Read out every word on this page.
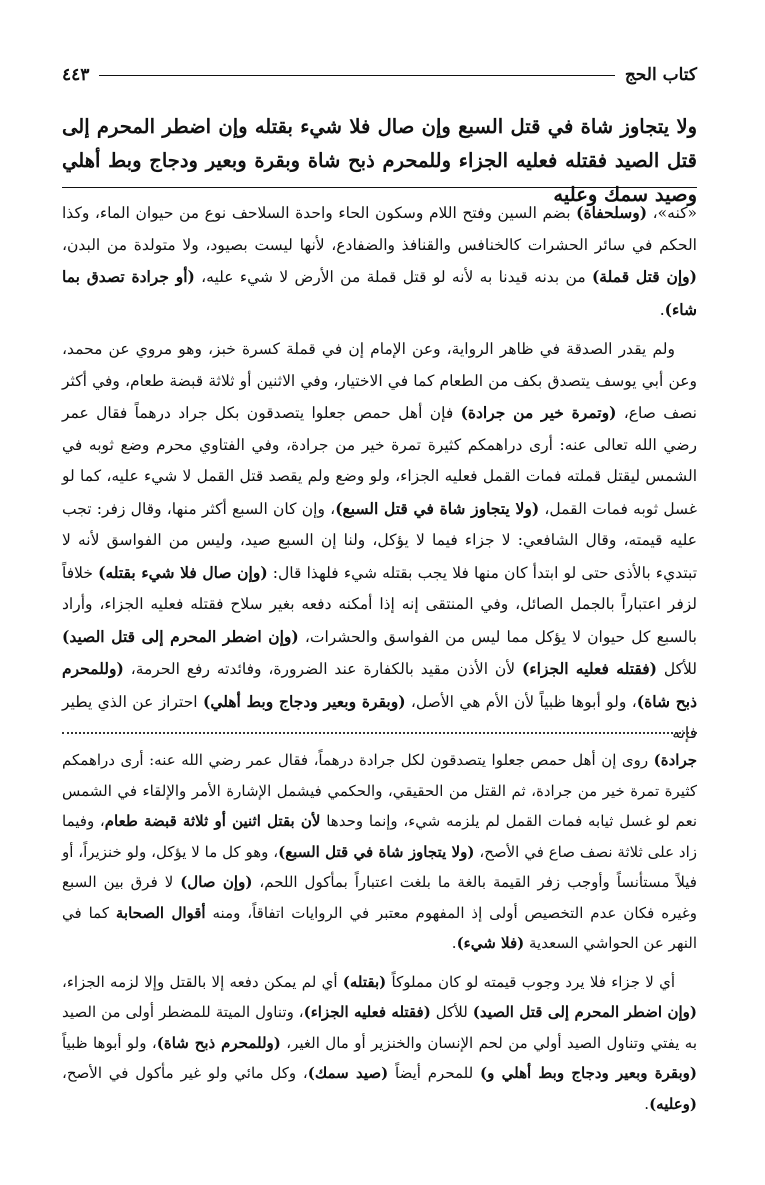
كتاب الحج
٤٤٣
ولا يتجاوز شاة في قتل السبع وإن صال فلا شيء بقتله وإن اضطر المحرم إلى قتل الصيد فقتله فعليه الجزاء وللمحرم ذبح شاة وبقرة وبعير ودجاج وبط أهلي وصيد سمك وعليه

«كنه»، (وسلحفاة) بضم السين وفتح اللام وسكون الحاء واحدة السلاحف نوع من حيوان الماء، وكذا الحكم في سائر الحشرات كالخنافس والقنافذ والضفادع، لأنها ليست بصيود، ولا متولدة من البدن، (وإن قتل قملة) من بدنه قيدنا به لأنه لو قتل قملة من الأرض لا شيء عليه، (أو جرادة تصدق بما شاء).

ولم يقدر الصدقة في ظاهر الرواية، وعن الإمام إن في قملة كسرة خبز، وهو مروي عن محمد، وعن أبي يوسف يتصدق بكف من الطعام كما في الاختيار، وفي الاثنين أو ثلاثة قبضة طعام، وفي أكثر نصف صاع، (وتمرة خير من جرادة) فإن أهل حمص جعلوا يتصدقون بكل جراد درهماً فقال عمر رضي الله تعالى عنه: أرى دراهمكم كثيرة تمرة خير من جرادة، وفي الفتاوي محرم وضع ثوبه في الشمس ليقتل قملته فمات القمل فعليه الجزاء، ولو وضع ولم يقصد قتل القمل لا شيء عليه، كما لو غسل ثوبه فمات القمل، (ولا يتجاوز شاة في قتل السبع)، وإن كان السبع أكثر منها، وقال زفر: تجب عليه قيمته، وقال الشافعي: لا جزاء فيما لا يؤكل، ولنا إن السبع صيد، وليس من الفواسق لأنه لا تبتديء بالأذى حتى لو ابتدأ كان منها فلا يجب بقتله شيء فلهذا قال: (وإن صال فلا شيء بقتله) خلافاً لزفر اعتباراً بالجمل الصائل، وفي المنتقى إنه إذا أمكنه دفعه بغير سلاح فقتله فعليه الجزاء، وأراد بالسبع كل حيوان لا يؤكل مما ليس من الفواسق والحشرات، (وإن اضطر المحرم إلى قتل الصيد) للأكل (فقتله فعليه الجزاء) لأن الأذن مقيد بالكفارة عند الضرورة، وفائدته رفع الحرمة، (وللمحرم ذبح شاة)، ولو أبوها ظبياً لأن الأم هي الأصل، (وبقرة وبعير ودجاج وبط أهلي) احتراز عن الذي يطير فإنه

جرادة) روى إن أهل حمص جعلوا يتصدقون لكل جرادة درهماً، فقال عمر رضي الله عنه: أرى دراهمكم كثيرة تمرة خير من جرادة، ثم القتل من الحقيقي، والحكمي فيشمل الإشارة الأمر والإلقاء في الشمس نعم لو غسل ثيابه فمات القمل لم يلزمه شيء، وإنما وحدها لأن بقتل اثنين أو ثلاثة قبضة طعام، وفيما زاد على ثلاثة نصف صاع في الأصح، (ولا يتجاوز شاة في قتل السبع)، وهو كل ما لا يؤكل، ولو خنزيراً، أو فيلاً مستأنساً وأوجب زفر القيمة بالغة ما بلغت اعتباراً بمأكول اللحم، (وإن صال) لا فرق بين السبع وغيره فكان عدم التخصيص أولى إذ المفهوم معتبر في الروايات اتفاقاً، ومنه أقوال الصحابة كما في النهر عن الحواشي السعدية (فلا شيء).

أي لا جزاء فلا يرد وجوب قيمته لو كان مملوكاً (بقتله) أي لم يمكن دفعه إلا بالقتل وإلا لزمه الجزاء، (وإن اضطر المحرم إلى قتل الصيد) للأكل (فقتله فعليه الجزاء)، وتناول الميتة للمضطر أولى من الصيد به يفتي وتناول الصيد أولي من لحم الإنسان والخنزير أو مال الغير، (وللمحرم ذبح شاة)، ولو أبوها ظبياً (وبقرة وبعير ودجاج وبط أهلي و) للمحرم أيضاً (صيد سمك)، وكل مائي ولو غير مأكول في الأصح، (وعليه).
